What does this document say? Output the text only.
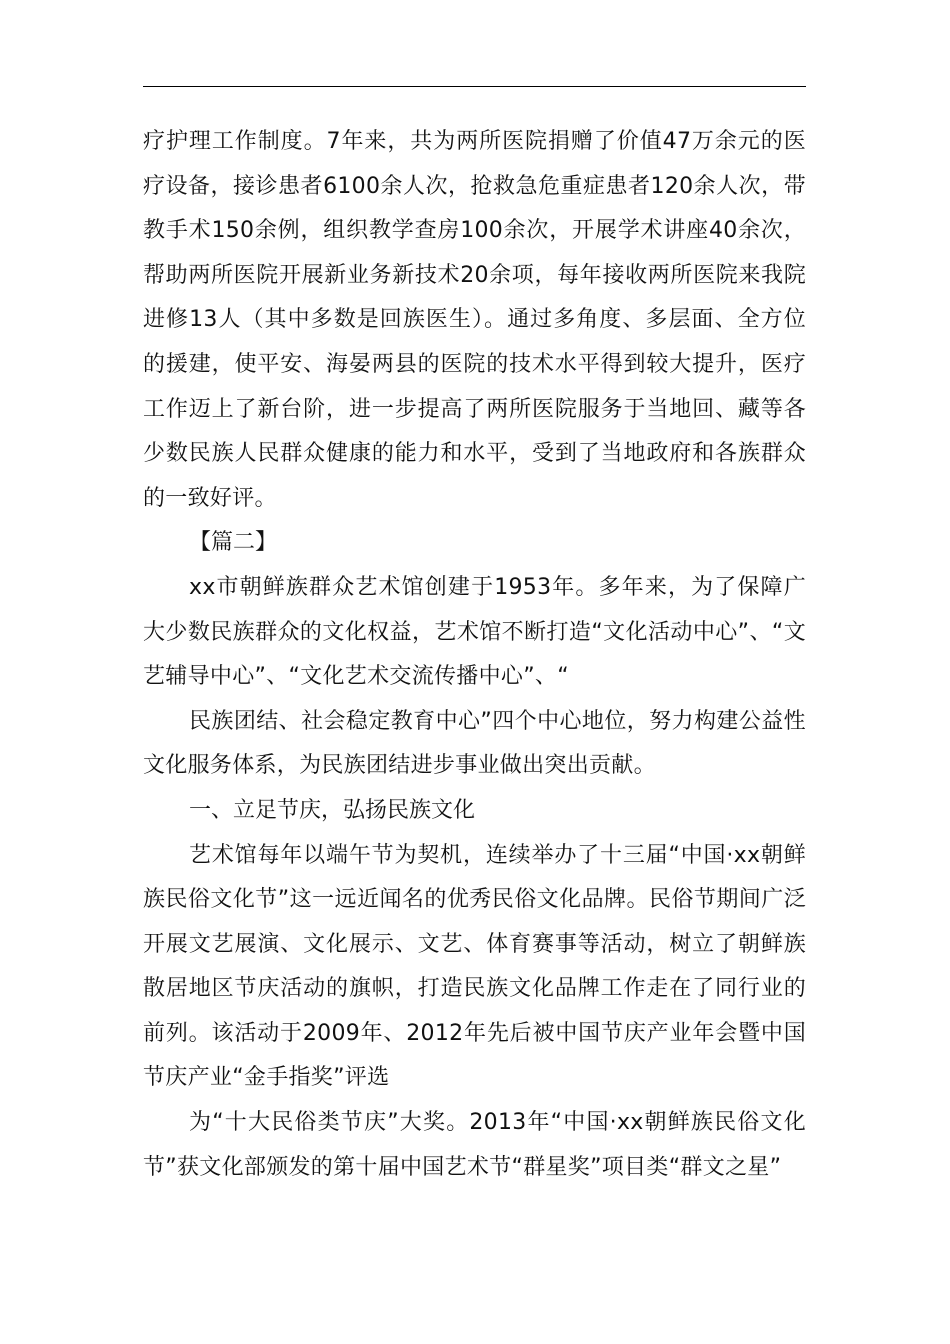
疗护理工作制度。7年来，共为两所医院捐赠了价值47万余元的医疗设备，接诊患者6100余人次，抢救急危重症患者120余人次，带教手术150余例，组织教学查房100余次，开展学术讲座40余次，帮助两所医院开展新业务新技术20余项，每年接收两所医院来我院进修13人（其中多数是回族医生）。通过多角度、多层面、全方位的援建，使平安、海晏两县的医院的技术水平得到较大提升，医疗工作迈上了新台阶，进一步提高了两所医院服务于当地回、藏等各少数民族人民群众健康的能力和水平，受到了当地政府和各族群众的一致好评。

【篇二】

xx市朝鲜族群众艺术馆创建于1953年。多年来，为了保障广大少数民族群众的文化权益，艺术馆不断打造“文化活动中心”、“文艺辅导中心”、“文化艺术交流传播中心”、“

民族团结、社会稳定教育中心”四个中心地位，努力构建公益性文化服务体系，为民族团结进步事业做出突出贡献。

一、立足节庆，弘扬民族文化

艺术馆每年以端午节为契机，连续举办了十三届“中国·xx朝鲜族民俗文化节”这一远近闻名的优秀民俗文化品牌。民俗节期间广泛开展文艺展演、文化展示、文艺、体育赛事等活动，树立了朝鲜族散居地区节庆活动的旗帜，打造民族文化品牌工作走在了同行业的前列。该活动于2009年、2012年先后被中国节庆产业年会暨中国节庆产业“金手指奖”评选

为“十大民俗类节庆”大奖。2013年“中国·xx朝鲜族民俗文化节”获文化部颁发的第十届中国艺术节“群星奖”项目类“群文之星”
